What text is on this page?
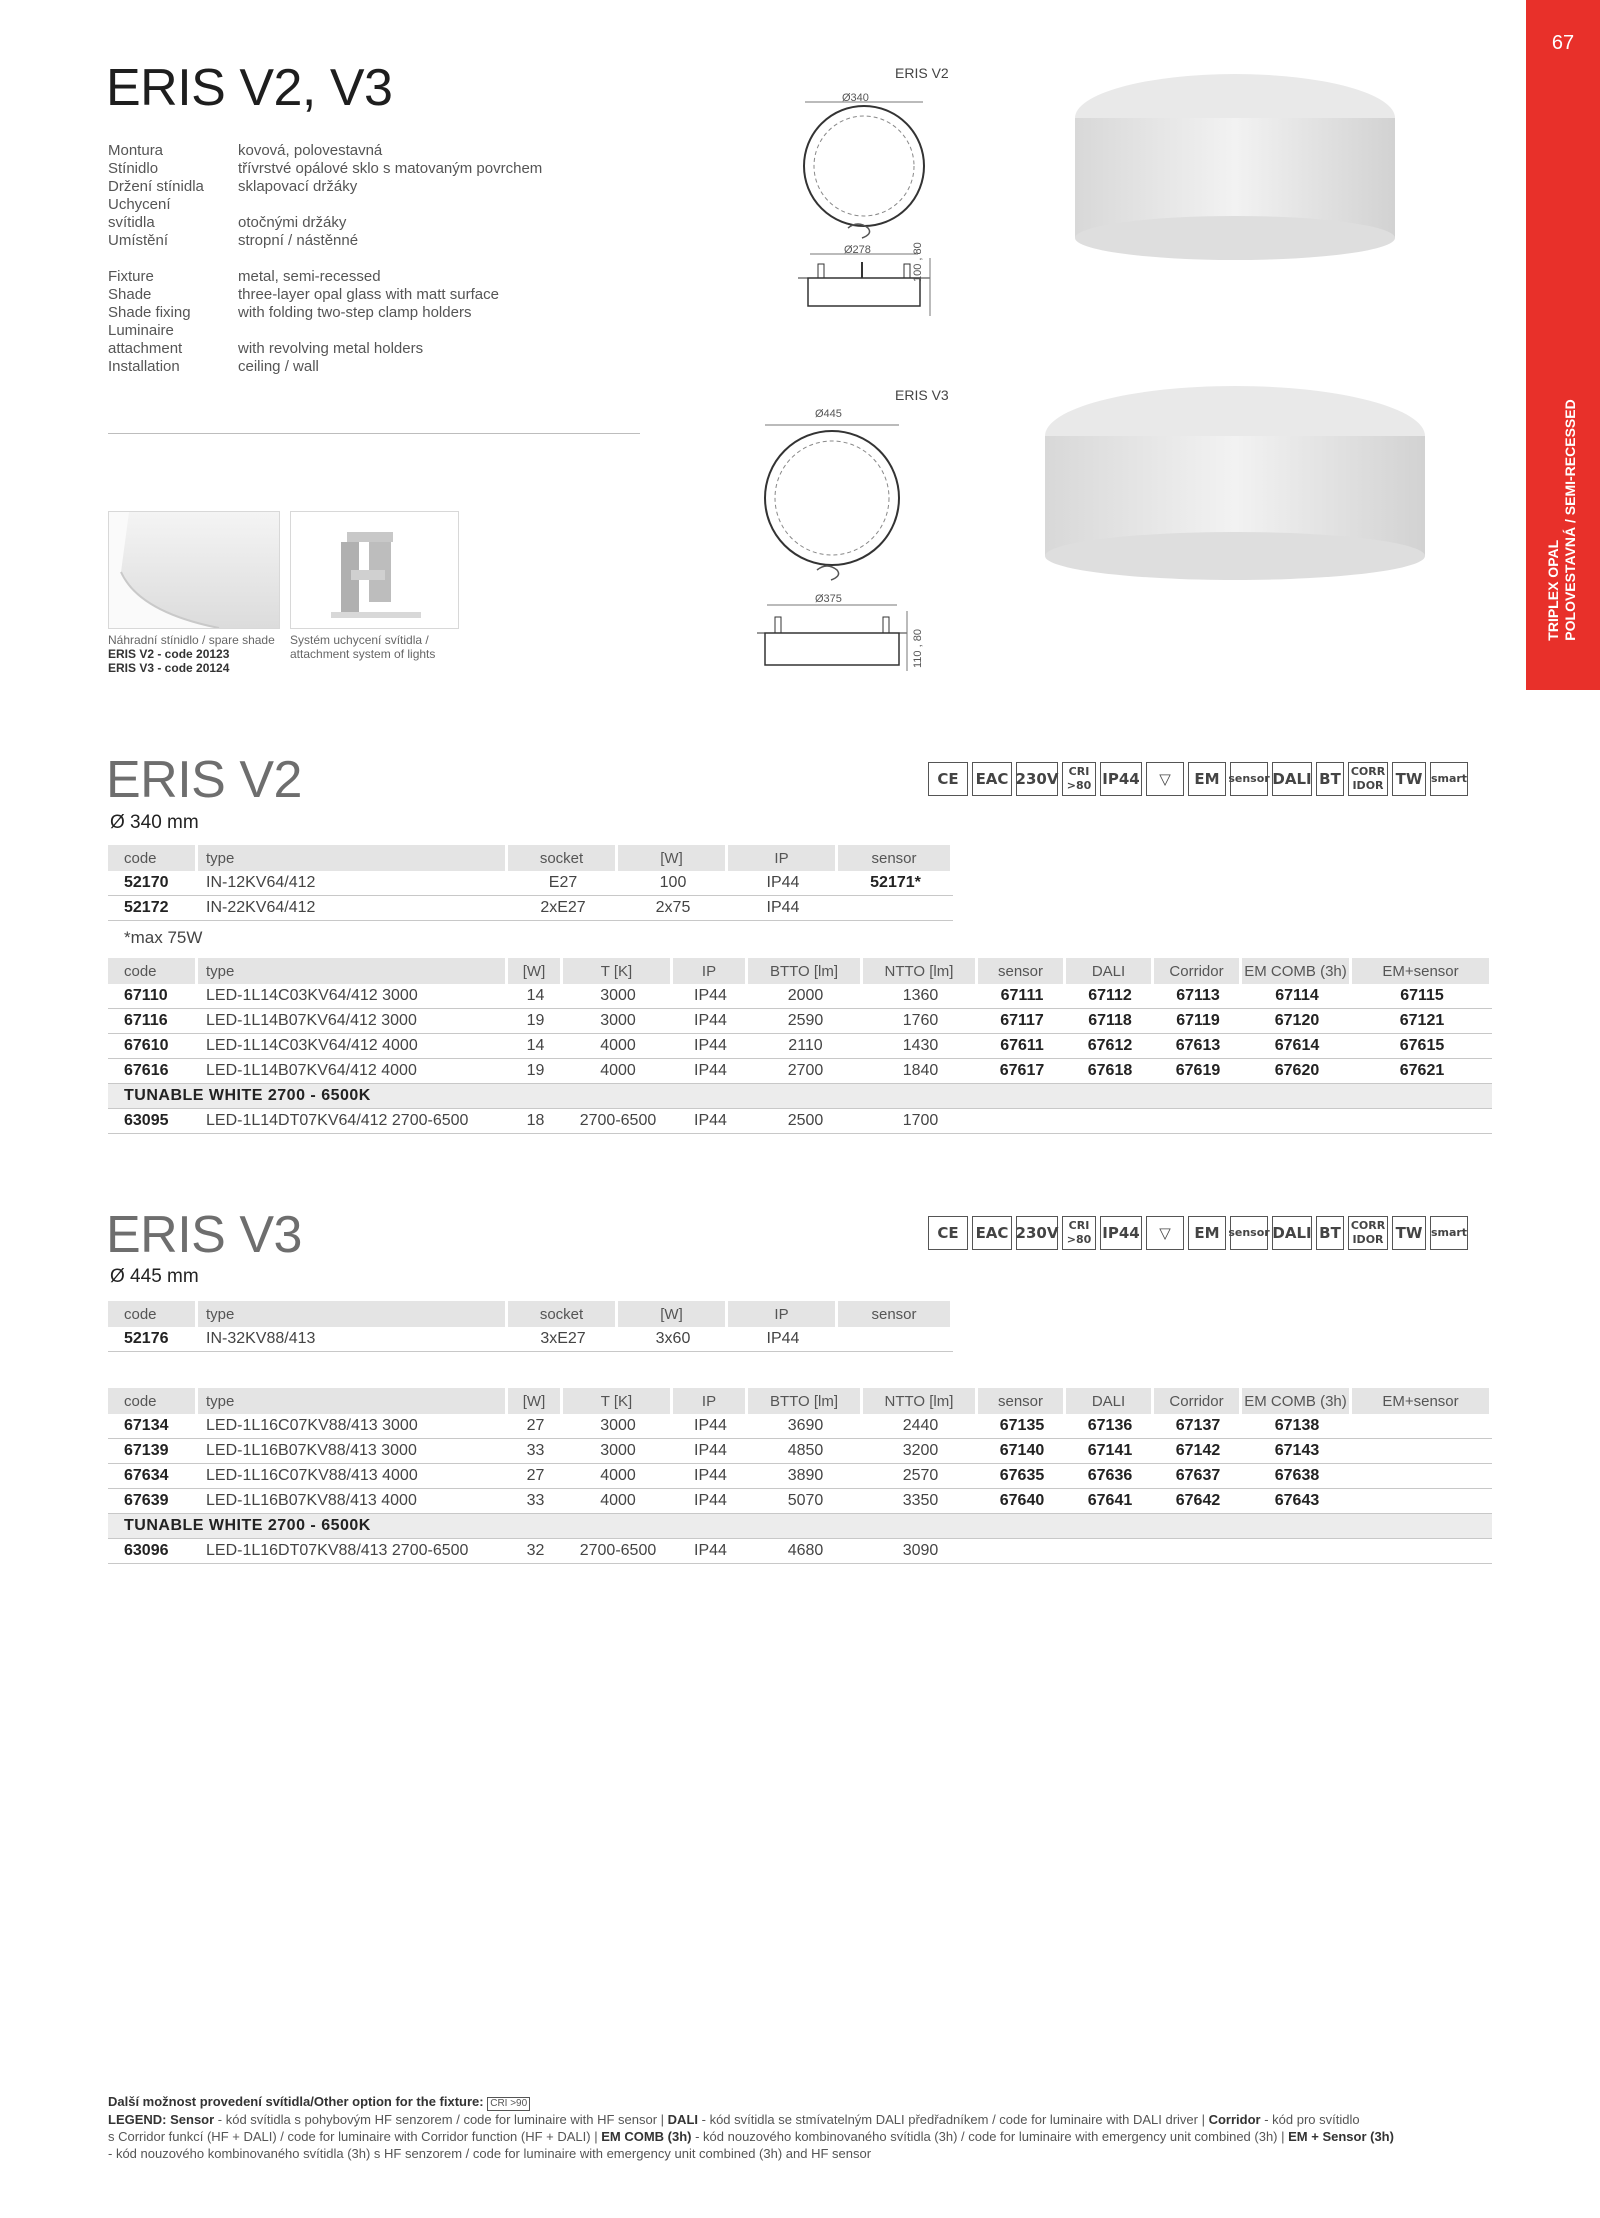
67
TRIPLEX OPAL POLOVESTAVNÁ / SEMI-RECESSED
ERIS V2, V3
Montura	kovová, polovestavná
Stínidlo	třívrstvé opálové sklo s matovaným povrchem
Držení stínidla	sklapovací držáky
Uchycení
svítidla	otočnými držáky
Umístění	stropní / nástěnné
Fixture	metal, semi-recessed
Shade	three-layer opal glass with matt surface
Shade fixing	with folding two-step clamp holders
Luminaire
attachment	with revolving metal holders
Installation	ceiling / wall
Náhradní stínidlo / spare shade
ERIS V2 - code 20123
ERIS V3 - code 20124
Systém uchycení svítidla /
attachment system of lights
ERIS V2
Ø340
Ø278	100 , 80
ERIS V3
Ø445
Ø375
110 , 80
ERIS V2
Ø 340 mm
CE	EAC 230V CRI >80 IP44	▽	EM sensor DALI BT CORR IDOR TW smart
code	type	socket	[W]	IP	sensor
52170	IN-12KV64/412	E27	100	IP44	52171*
52172	IN-22KV64/412	2xE27	2x75	IP44	
*max 75W
code	type	[W]	T [K]	IP	BTTO [lm]	NTTO [lm]	sensor	DALI	Corridor	EM COMB (3h)	EM+sensor
67110	LED-1L14C03KV64/412 3000	14	3000	IP44	2000	1360	67111	67112	67113	67114	67115
67116	LED-1L14B07KV64/412 3000	19	3000	IP44	2590	1760	67117	67118	67119	67120	67121
67610	LED-1L14C03KV64/412 4000	14	4000	IP44	2110	1430	67611	67612	67613	67614	67615
67616	LED-1L14B07KV64/412 4000	19	4000	IP44	2700	1840	67617	67618	67619	67620	67621
TUNABLE WHITE 2700 - 6500K											
63095	LED-1L14DT07KV64/412 2700-6500	18	2700-6500	IP44	2500	1700					
ERIS V3
Ø 445 mm
CE	EAC 230V CRI >80 IP44	▽	EM sensor DALI BT CORR IDOR TW smart
code	type	socket	[W]	IP	sensor
52176	IN-32KV88/413	3xE27	3x60	IP44	
code	type	[W]	T [K]	IP	BTTO [lm]	NTTO [lm]	sensor	DALI	Corridor	EM COMB (3h)	EM+sensor
67134	LED-1L16C07KV88/413 3000	27	3000	IP44	3690	2440	67135	67136	67137	67138	
67139	LED-1L16B07KV88/413 3000	33	3000	IP44	4850	3200	67140	67141	67142	67143	
67634	LED-1L16C07KV88/413 4000	27	4000	IP44	3890	2570	67635	67636	67637	67638	
67639	LED-1L16B07KV88/413 4000	33	4000	IP44	5070	3350	67640	67641	67642	67643	
TUNABLE WHITE 2700 - 6500K											
63096	LED-1L16DT07KV88/413 2700-6500	32	2700-6500	IP44	4680	3090					
Další možnost provedení svítidla/Other option for the fixture: CRI >90
LEGEND: Sensor - kód svítidla s pohybovým HF senzorem / code for luminaire with HF sensor | DALI - kód svítidla se stmívatelným DALI předřadníkem / code for luminaire with DALI driver | Corridor - kód pro svítidlo
s Corridor funkcí (HF + DALI) / code for luminaire with Corridor function (HF + DALI) | EM COMB (3h) - kód nouzového kombinovaného svítidla (3h) / code for luminaire with emergency unit combined (3h) | EM + Sensor (3h)
- kód nouzového kombinovaného svítidla (3h) s HF senzorem / code for luminaire with emergency unit combined (3h) and HF sensor
